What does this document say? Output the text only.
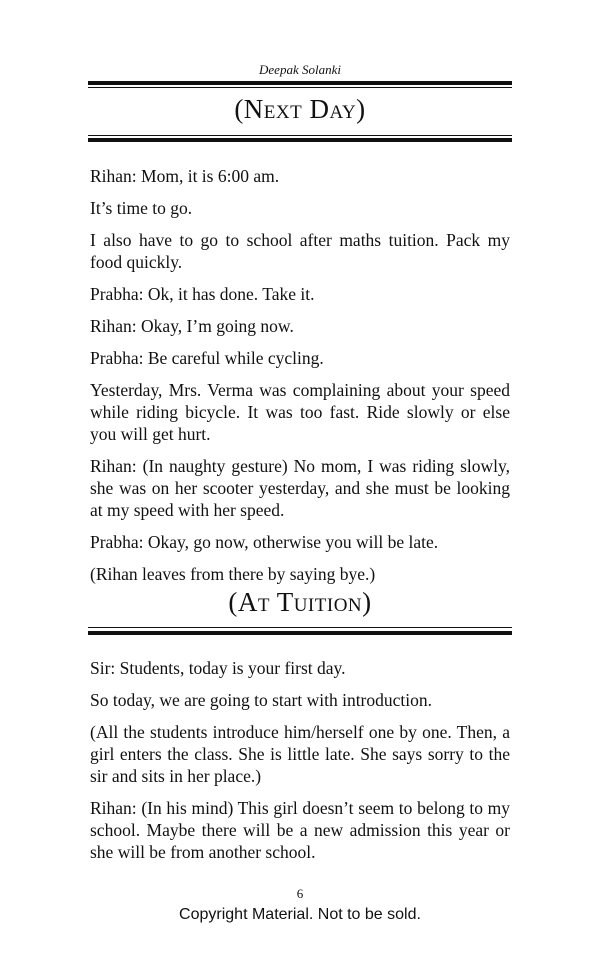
Deepak Solanki
(Next Day)

Rihan: Mom, it is 6:00 am.

It’s time to go.

I also have to go to school after maths tuition. Pack my food quickly.

Prabha: Ok, it has done. Take it.

Rihan: Okay, I’m going now.

Prabha: Be careful while cycling.

Yesterday, Mrs. Verma was complaining about your speed while riding bicycle. It was too fast. Ride slowly or else you will get hurt.

Rihan: (In naughty gesture) No mom, I was riding slowly, she was on her scooter yesterday, and she must be looking at my speed with her speed.

Prabha: Okay, go now, otherwise you will be late.

(Rihan leaves from there by saying bye.)

(At Tuition)

Sir: Students, today is your first day.

So today, we are going to start with introduction.

(All the students introduce him/herself one by one. Then, a girl enters the class. She is little late. She says sorry to the sir and sits in her place.)

Rihan: (In his mind) This girl doesn’t seem to belong to my school. Maybe there will be a new admission this year or she will be from another school.

6
Copyright Material. Not to be sold.
